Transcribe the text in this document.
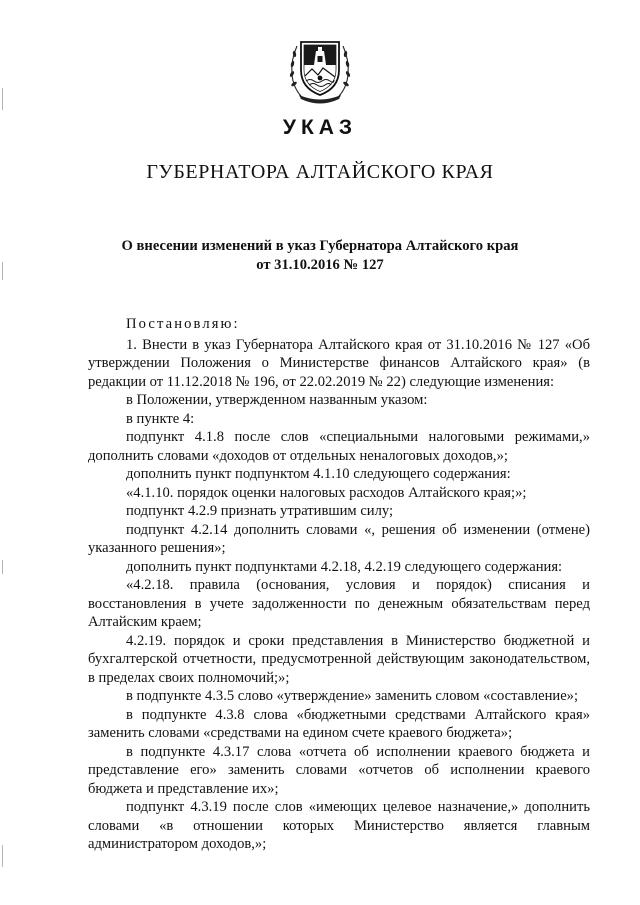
УКАЗ
ГУБЕРНАТОРА АЛТАЙСКОГО КРАЯ
О внесении изменений в указ Губернатора Алтайского края
от 31.10.2016 № 127

Постановляю:

1. Внести в указ Губернатора Алтайского края от 31.10.2016 № 127 «Об утверждении Положения о Министерстве финансов Алтайского края» (в редакции от 11.12.2018 № 196, от 22.02.2019 № 22) следующие изменения:

в Положении, утвержденном названным указом:

в пункте 4:

подпункт 4.1.8 после слов «специальными налоговыми режимами,» дополнить словами «доходов от отдельных неналоговых доходов,»;

дополнить пункт подпунктом 4.1.10 следующего содержания:

«4.1.10. порядок оценки налоговых расходов Алтайского края;»;

подпункт 4.2.9 признать утратившим силу;

подпункт 4.2.14 дополнить словами «, решения об изменении (отмене) указанного решения»;

дополнить пункт подпунктами 4.2.18, 4.2.19 следующего содержания:

«4.2.18. правила (основания, условия и порядок) списания и восстановления в учете задолженности по денежным обязательствам перед Алтайским краем;

4.2.19. порядок и сроки представления в Министерство бюджетной и бухгалтерской отчетности, предусмотренной действующим законодательством, в пределах своих полномочий;»;

в подпункте 4.3.5 слово «утверждение» заменить словом «составление»;

в подпункте 4.3.8 слова «бюджетными средствами Алтайского края» заменить словами «средствами на едином счете краевого бюджета»;

в подпункте 4.3.17 слова «отчета об исполнении краевого бюджета и представление его» заменить словами «отчетов об исполнении краевого бюджета и представление их»;

подпункт 4.3.19 после слов «имеющих целевое назначение,» дополнить словами «в отношении которых Министерство является главным администратором доходов,»;
